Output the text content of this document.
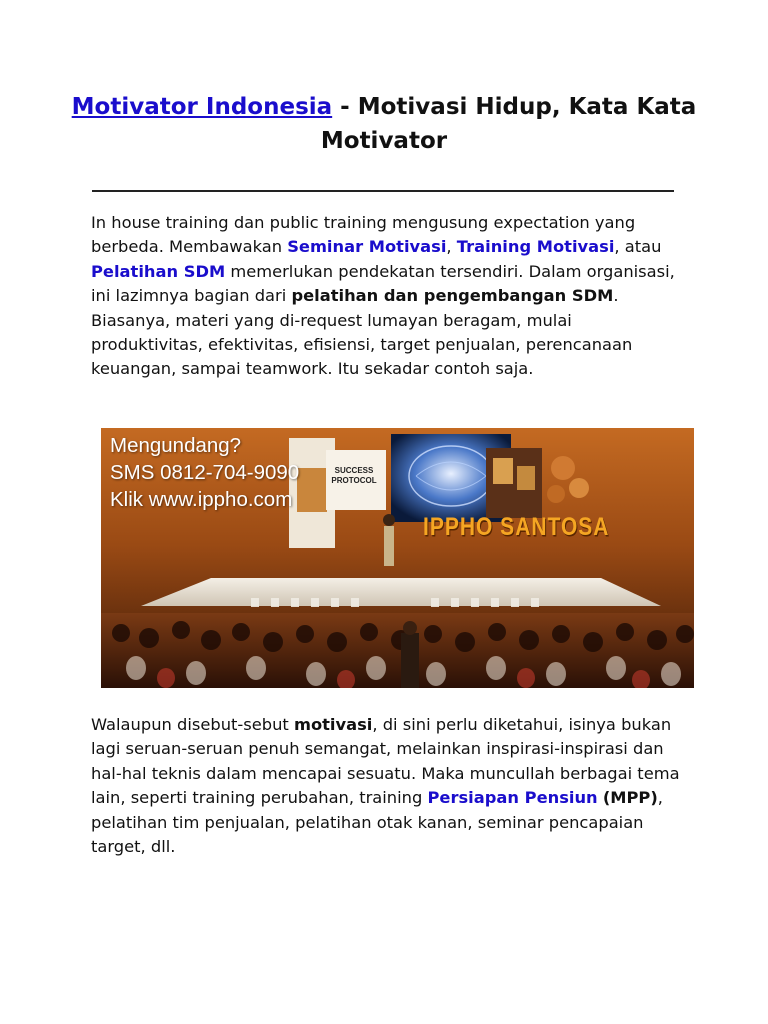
Motivator Indonesia - Motivasi Hidup, Kata Kata Motivator
In house training dan public training mengusung expectation yang berbeda. Membawakan Seminar Motivasi, Training Motivasi, atau Pelatihan SDM memerlukan pendekatan tersendiri. Dalam organisasi, ini lazimnya bagian dari pelatihan dan pengembangan SDM. Biasanya, materi yang di-request lumayan beragam, mulai produktivitas, efektivitas, efisiensi, target penjualan, perencanaan keuangan, sampai teamwork. Itu sekadar contoh saja.
Mengundang?
SMS 0812-704-9090
Klik www.ippho.com
SUCCESS PROTOCOL
IPPHO SANTOSA
Walaupun disebut-sebut motivasi, di sini perlu diketahui, isinya bukan lagi seruan-seruan penuh semangat, melainkan inspirasi-inspirasi dan hal-hal teknis dalam mencapai sesuatu. Maka muncullah berbagai tema lain, seperti training perubahan, training Persiapan Pensiun (MPP), pelatihan tim penjualan, pelatihan otak kanan, seminar pencapaian target, dll.
